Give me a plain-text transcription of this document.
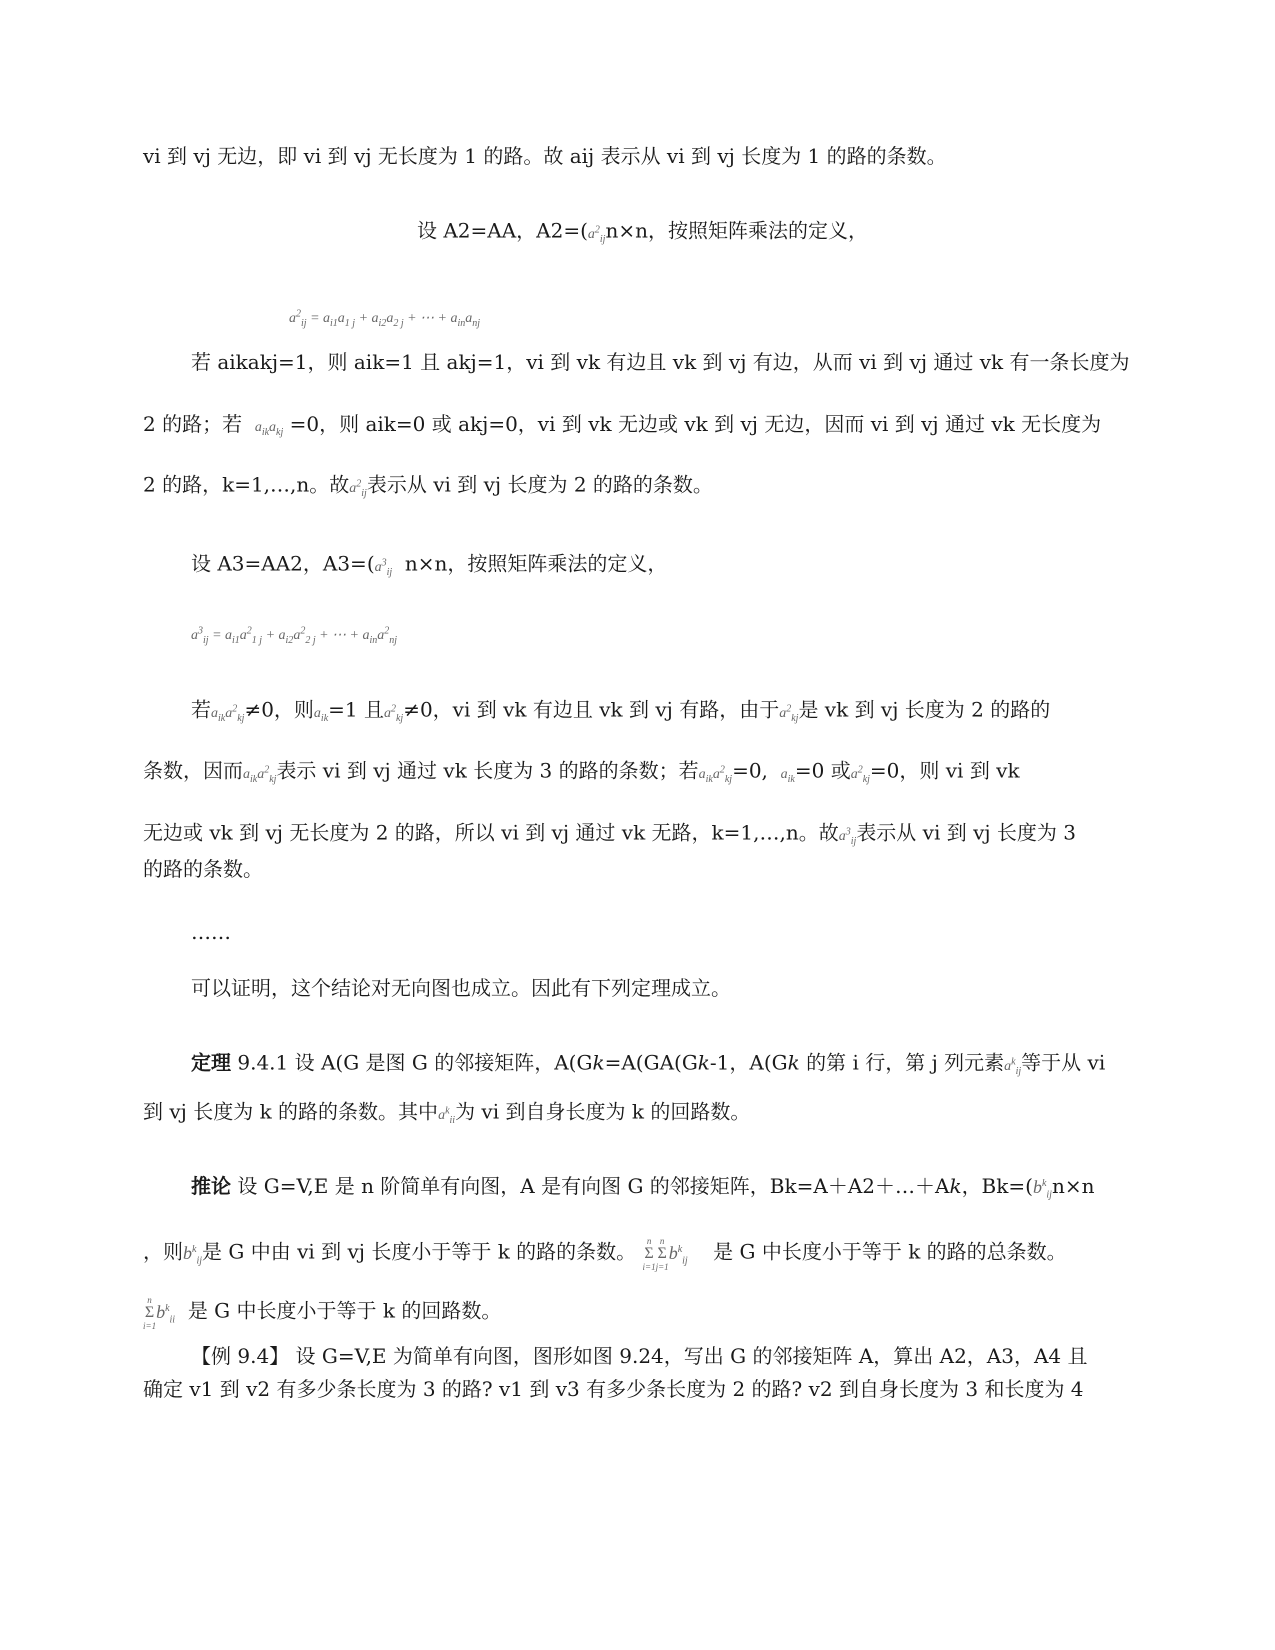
vi 到 vj 无边，即 vi 到 vj 无长度为 1 的路。故 aij 表示从 vi 到 vj 长度为 1 的路的条数。
设 A2=AA，$A2=(a^2_{ij}n\times n$，按照矩阵乘法的定义，
$a^2_{ij} = a_{i1}a_{1 j} + a_{i2}a_{2 j}$ + ⋯ + $a_{in}a_{nj}$
若 aikakj=1，则 aik=1 且 akj=1，vi 到 vk 有边且 vk 到 vj 有边，从而 vi 到 vj 通过 vk 有一条长度为
2 的路；若 $a_{ik}a_{kj} =0$，则 aik=0 或 akj=0，vi 到 vk 无边或 vk 到 vj 无边，因而 vi 到 vj 通过 vk 无长度为
2 的路，k=1,…,n。故$a^2_{ij}$表示从 vi 到 vj 长度为 2 的路的条数。
设 A3=AA2，$A3=(a^3_{ij}$ n×n，按照矩阵乘法的定义，
$a^3_{ij} = a_{i1}a^2_{1 j} + a_{i2}a^2_{2 j}$ + ⋯ + $a_{in}a^2_{nj}$
若$a_{ik}a^2_{kj}\ne 0$，则$a_{ik}=1$ 且$a^2_{kj}\ne 0$，vi 到 vk 有边且 vk 到 vj 有路，由于$a^2_{kj}$是 vk 到 vj 长度为 2 的路的
条数，因而$a_{ik}a^2_{kj}$表示 vi 到 vj 通过 vk 长度为 3 的路的条数；若$a_{ik}a^2_{kj}=0$, $a_{ik}=0$ 或$a^2_{kj}=0$，则 vi 到 vk
无边或 vk 到 vj 无长度为 2 的路，所以 vi 到 vj 通过 vk 无路，k=1,…,n。故$a^3_{ij}$表示从 vi 到 vj 长度为 3
的路的条数。
……
可以证明，这个结论对无向图也成立。因此有下列定理成立。
定理 9.4.1 设 A(G 是图 G 的邻接矩阵，A(Gk=A(GA(Gk-1，A(Gk 的第 i 行，第 j 列元素$a^k_{ij}$等于从 vi
到 vj 长度为 k 的路的条数。其中$a^k_{ii}$为 vi 到自身长度为 k 的回路数。
推论 设 G=V,E 是 n 阶简单有向图，A 是有向图 G 的邻接矩阵，Bk=A＋A2＋…＋Ak，$Bk=(b^k_{ij}n\times n$
，则$b^k_{ij}$是 G 中由 vi 到 vj 长度小于等于 k 的路的条数。 n
Σ
i=1n
Σ
$j=1b^k_{ij}$ 是 G 中长度小于等于 k 的路的总条数。
n
Σ
$i=1b^k_{ii}$ 是 G 中长度小于等于 k 的回路数。
【例 9.4】 设 G=V,E 为简单有向图，图形如图 9.24，写出 G 的邻接矩阵 A，算出 A2，A3，A4 且
确定 v1 到 v2 有多少条长度为 3 的路? v1 到 v3 有多少条长度为 2 的路? v2 到自身长度为 3 和长度为 4
